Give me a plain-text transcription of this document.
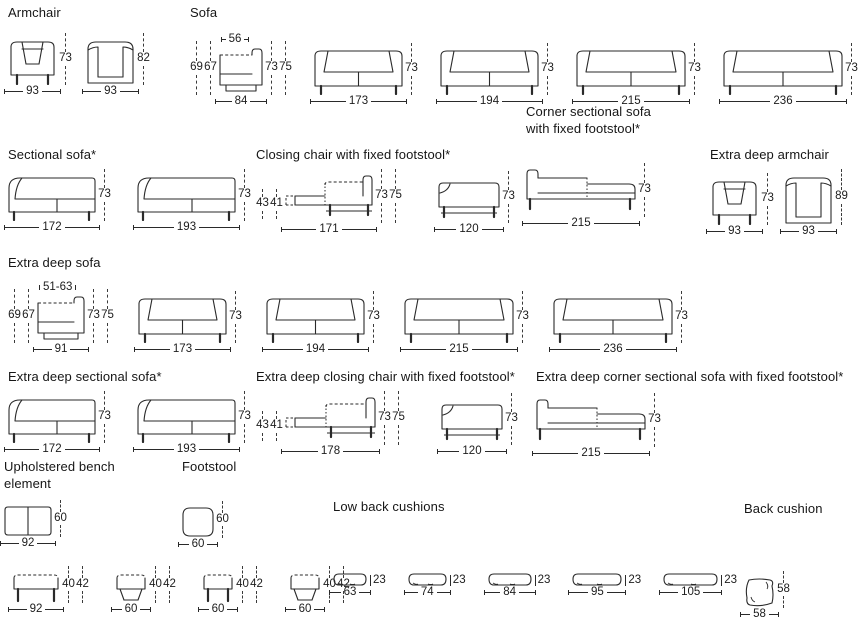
Armchair
93
73
93
82
Sofa
69 67
56
84
73 75
173
73
194
73
215
73
236
73
Sectional sofa*
172
73
193
73
Closing chair with fixed footstool*
43 41
171
73 75
120
73
Corner sectional sofa
with fixed footstool*
215
73
Extra deep armchair
93
73
93
89
Extra deep sofa
69 67
51-63
91
73 75
173
73
194
73
215
73
236
73
Extra deep sectional sofa*
172
73
193
73
Extra deep closing chair with fixed footstool*
43 41
178
73 75
120
73
Extra deep corner sectional sofa with fixed footstool*
215
73
Upholstered bench
element
92
60
Footstool
60
60
92
40 42
60
40 42
60
40 42
60
40 42
Low back cushions
63
23
74
23
84
23
95
23
105
23
Back cushion
58
58
